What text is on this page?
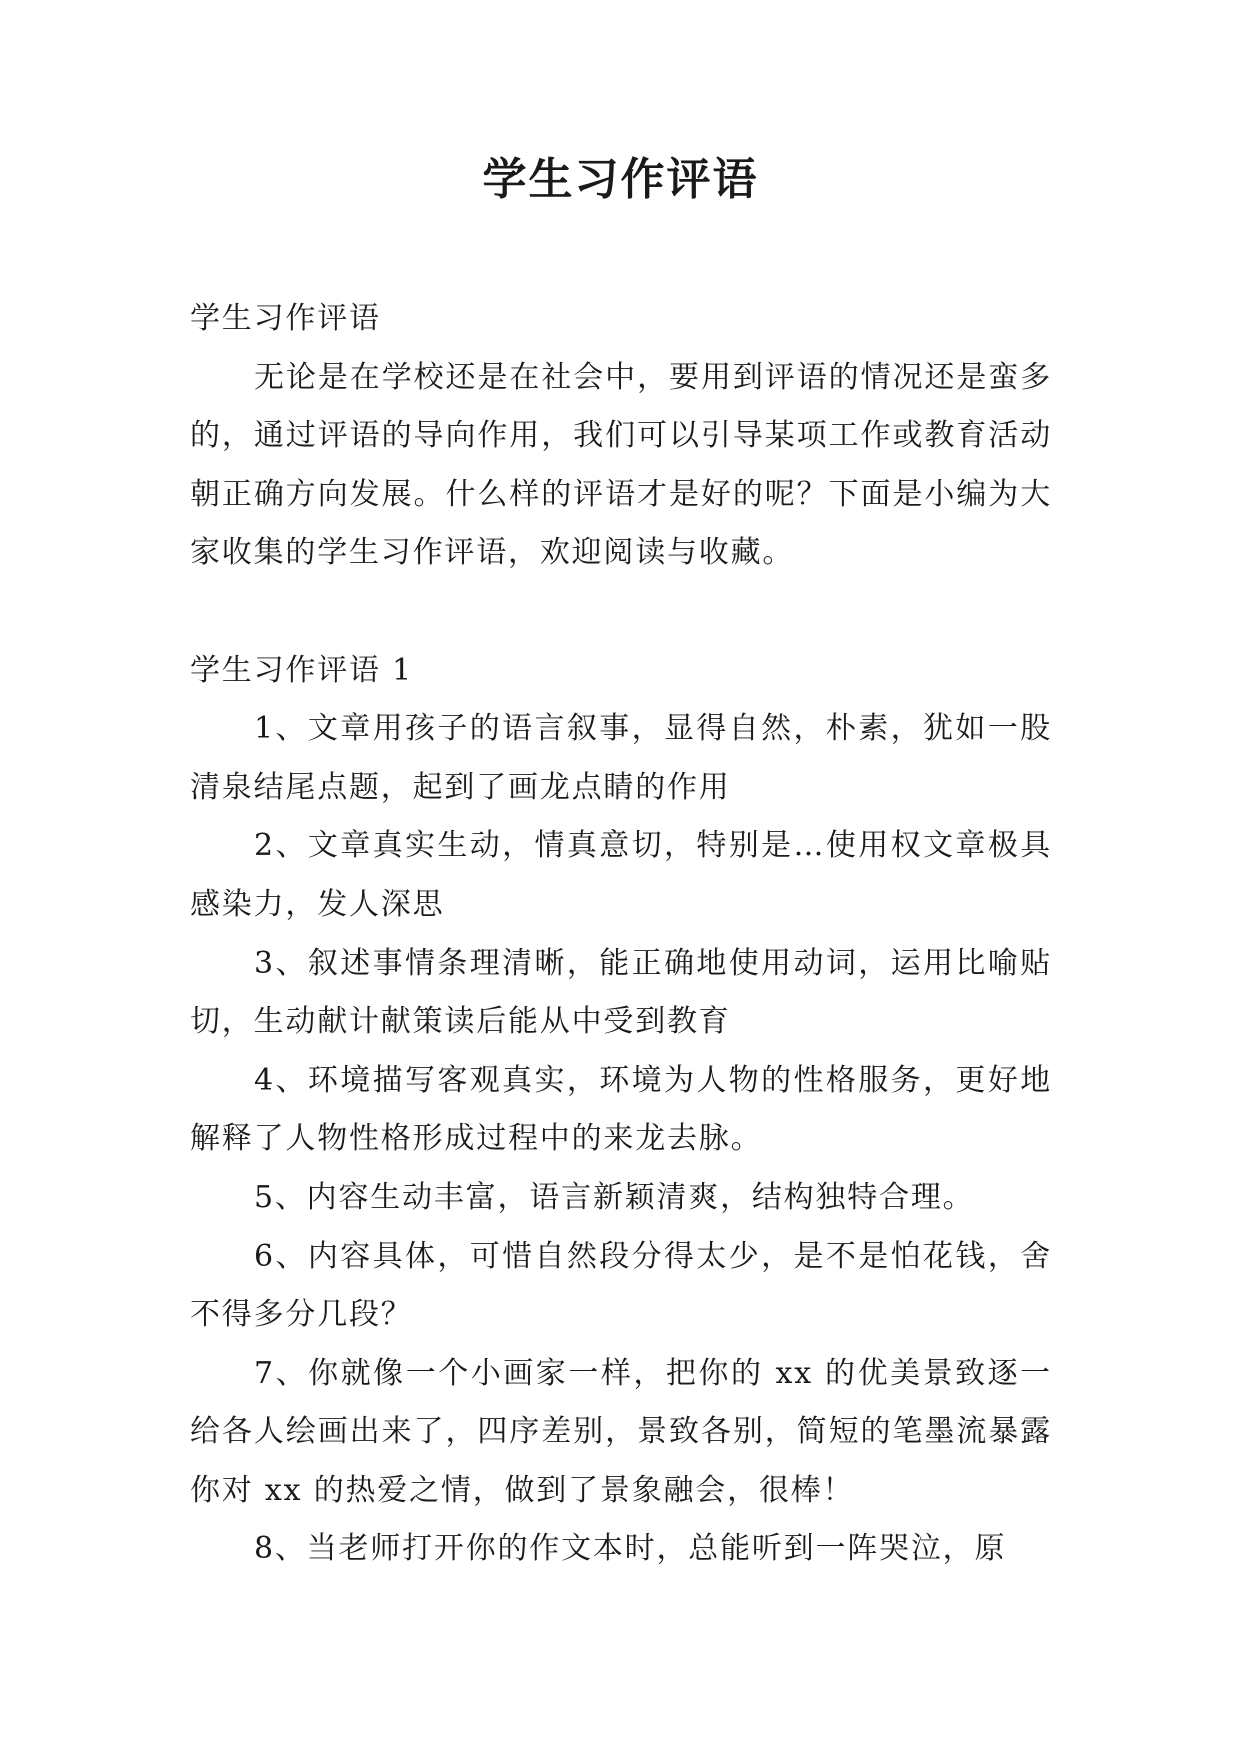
学生习作评语

学生习作评语

无论是在学校还是在社会中，要用到评语的情况还是蛮多的，通过评语的导向作用，我们可以引导某项工作或教育活动朝正确方向发展。什么样的评语才是好的呢？下面是小编为大家收集的学生习作评语，欢迎阅读与收藏。

学生习作评语 1

1、文章用孩子的语言叙事，显得自然，朴素，犹如一股清泉结尾点题，起到了画龙点睛的作用

2、文章真实生动，情真意切，特别是…使用权文章极具感染力，发人深思

3、叙述事情条理清晰，能正确地使用动词，运用比喻贴切，生动献计献策读后能从中受到教育

4、环境描写客观真实，环境为人物的性格服务，更好地解释了人物性格形成过程中的来龙去脉。

5、内容生动丰富，语言新颖清爽，结构独特合理。

6、内容具体，可惜自然段分得太少，是不是怕花钱，舍不得多分几段？

7、你就像一个小画家一样，把你的 xx 的优美景致逐一给各人绘画出来了，四序差别，景致各别，简短的笔墨流暴露你对 xx 的热爱之情，做到了景象融会，很棒！

8、当老师打开你的作文本时，总能听到一阵哭泣，原
